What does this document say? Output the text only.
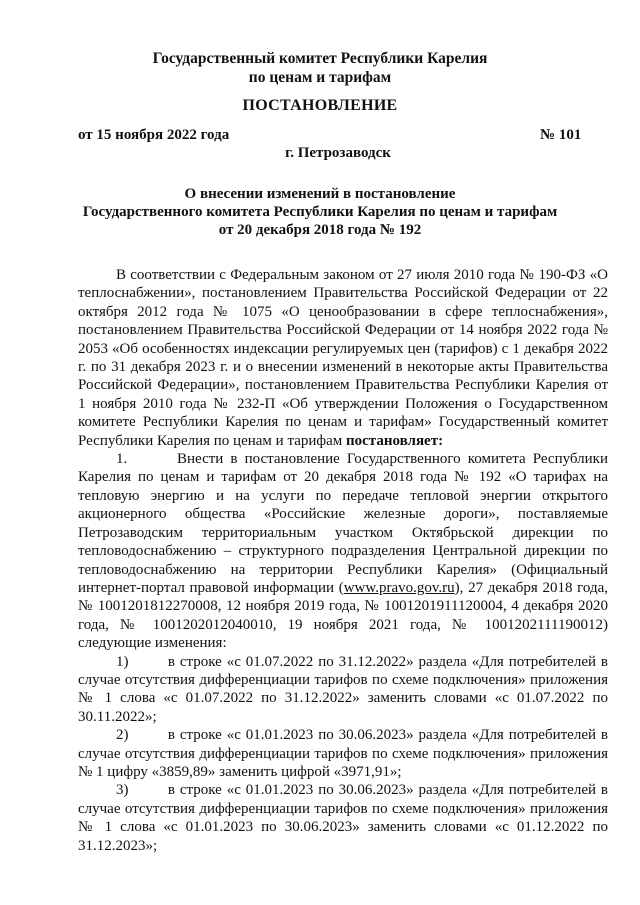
Государственный комитет Республики Карелия
по ценам и тарифам
ПОСТАНОВЛЕНИЕ
от 15 ноября 2022 года	№ 101
г. Петрозаводск
О внесении изменений в постановление
Государственного комитета Республики Карелия по ценам и тарифам
от 20 декабря 2018 года № 192

В соответствии с Федеральным законом от 27 июля 2010 года № 190-ФЗ «О теплоснабжении», постановлением Правительства Российской Федерации от 22 октября 2012 года № 1075 «О ценообразовании в сфере теплоснабжения», постановлением Правительства Российской Федерации от 14 ноября 2022 года № 2053 «Об особенностях индексации регулируемых цен (тарифов) с 1 декабря 2022 г. по 31 декабря 2023 г. и о внесении изменений в некоторые акты Правительства Российской Федерации», постановлением Правительства Республики Карелия от 1 ноября 2010 года № 232-П «Об утверждении Положения о Государственном комитете Республики Карелия по ценам и тарифам» Государственный комитет Республики Карелия по ценам и тарифам постановляет:

1.	Внести в постановление Государственного комитета Республики Карелия по ценам и тарифам от 20 декабря 2018 года № 192 «О тарифах на тепловую энергию и на услуги по передаче тепловой энергии открытого акционерного общества «Российские железные дороги», поставляемые Петрозаводским территориальным участком Октябрьской дирекции по тепловодоснабжению – структурного подразделения Центральной дирекции по тепловодоснабжению на территории Республики Карелия» (Официальный интернет-портал правовой информации (www.pravo.gov.ru), 27 декабря 2018 года, № 1001201812270008, 12 ноября 2019 года, № 1001201911120004, 4 декабря 2020 года, № 1001202012040010, 19 ноября 2021 года, № 1001202111190012) следующие изменения:

1)	в строке «с 01.07.2022 по 31.12.2022» раздела «Для потребителей в случае отсутствия дифференциации тарифов по схеме подключения» приложения № 1 слова «с 01.07.2022 по 31.12.2022» заменить словами «с 01.07.2022 по 30.11.2022»;

2)	в строке «с 01.01.2023 по 30.06.2023» раздела «Для потребителей в случае отсутствия дифференциации тарифов по схеме подключения» приложения № 1 цифру «3859,89» заменить цифрой «3971,91»;

3)	в строке «с 01.01.2023 по 30.06.2023» раздела «Для потребителей в случае отсутствия дифференциации тарифов по схеме подключения» приложения № 1 слова «с 01.01.2023 по 30.06.2023» заменить словами «с 01.12.2022 по 31.12.2023»;
